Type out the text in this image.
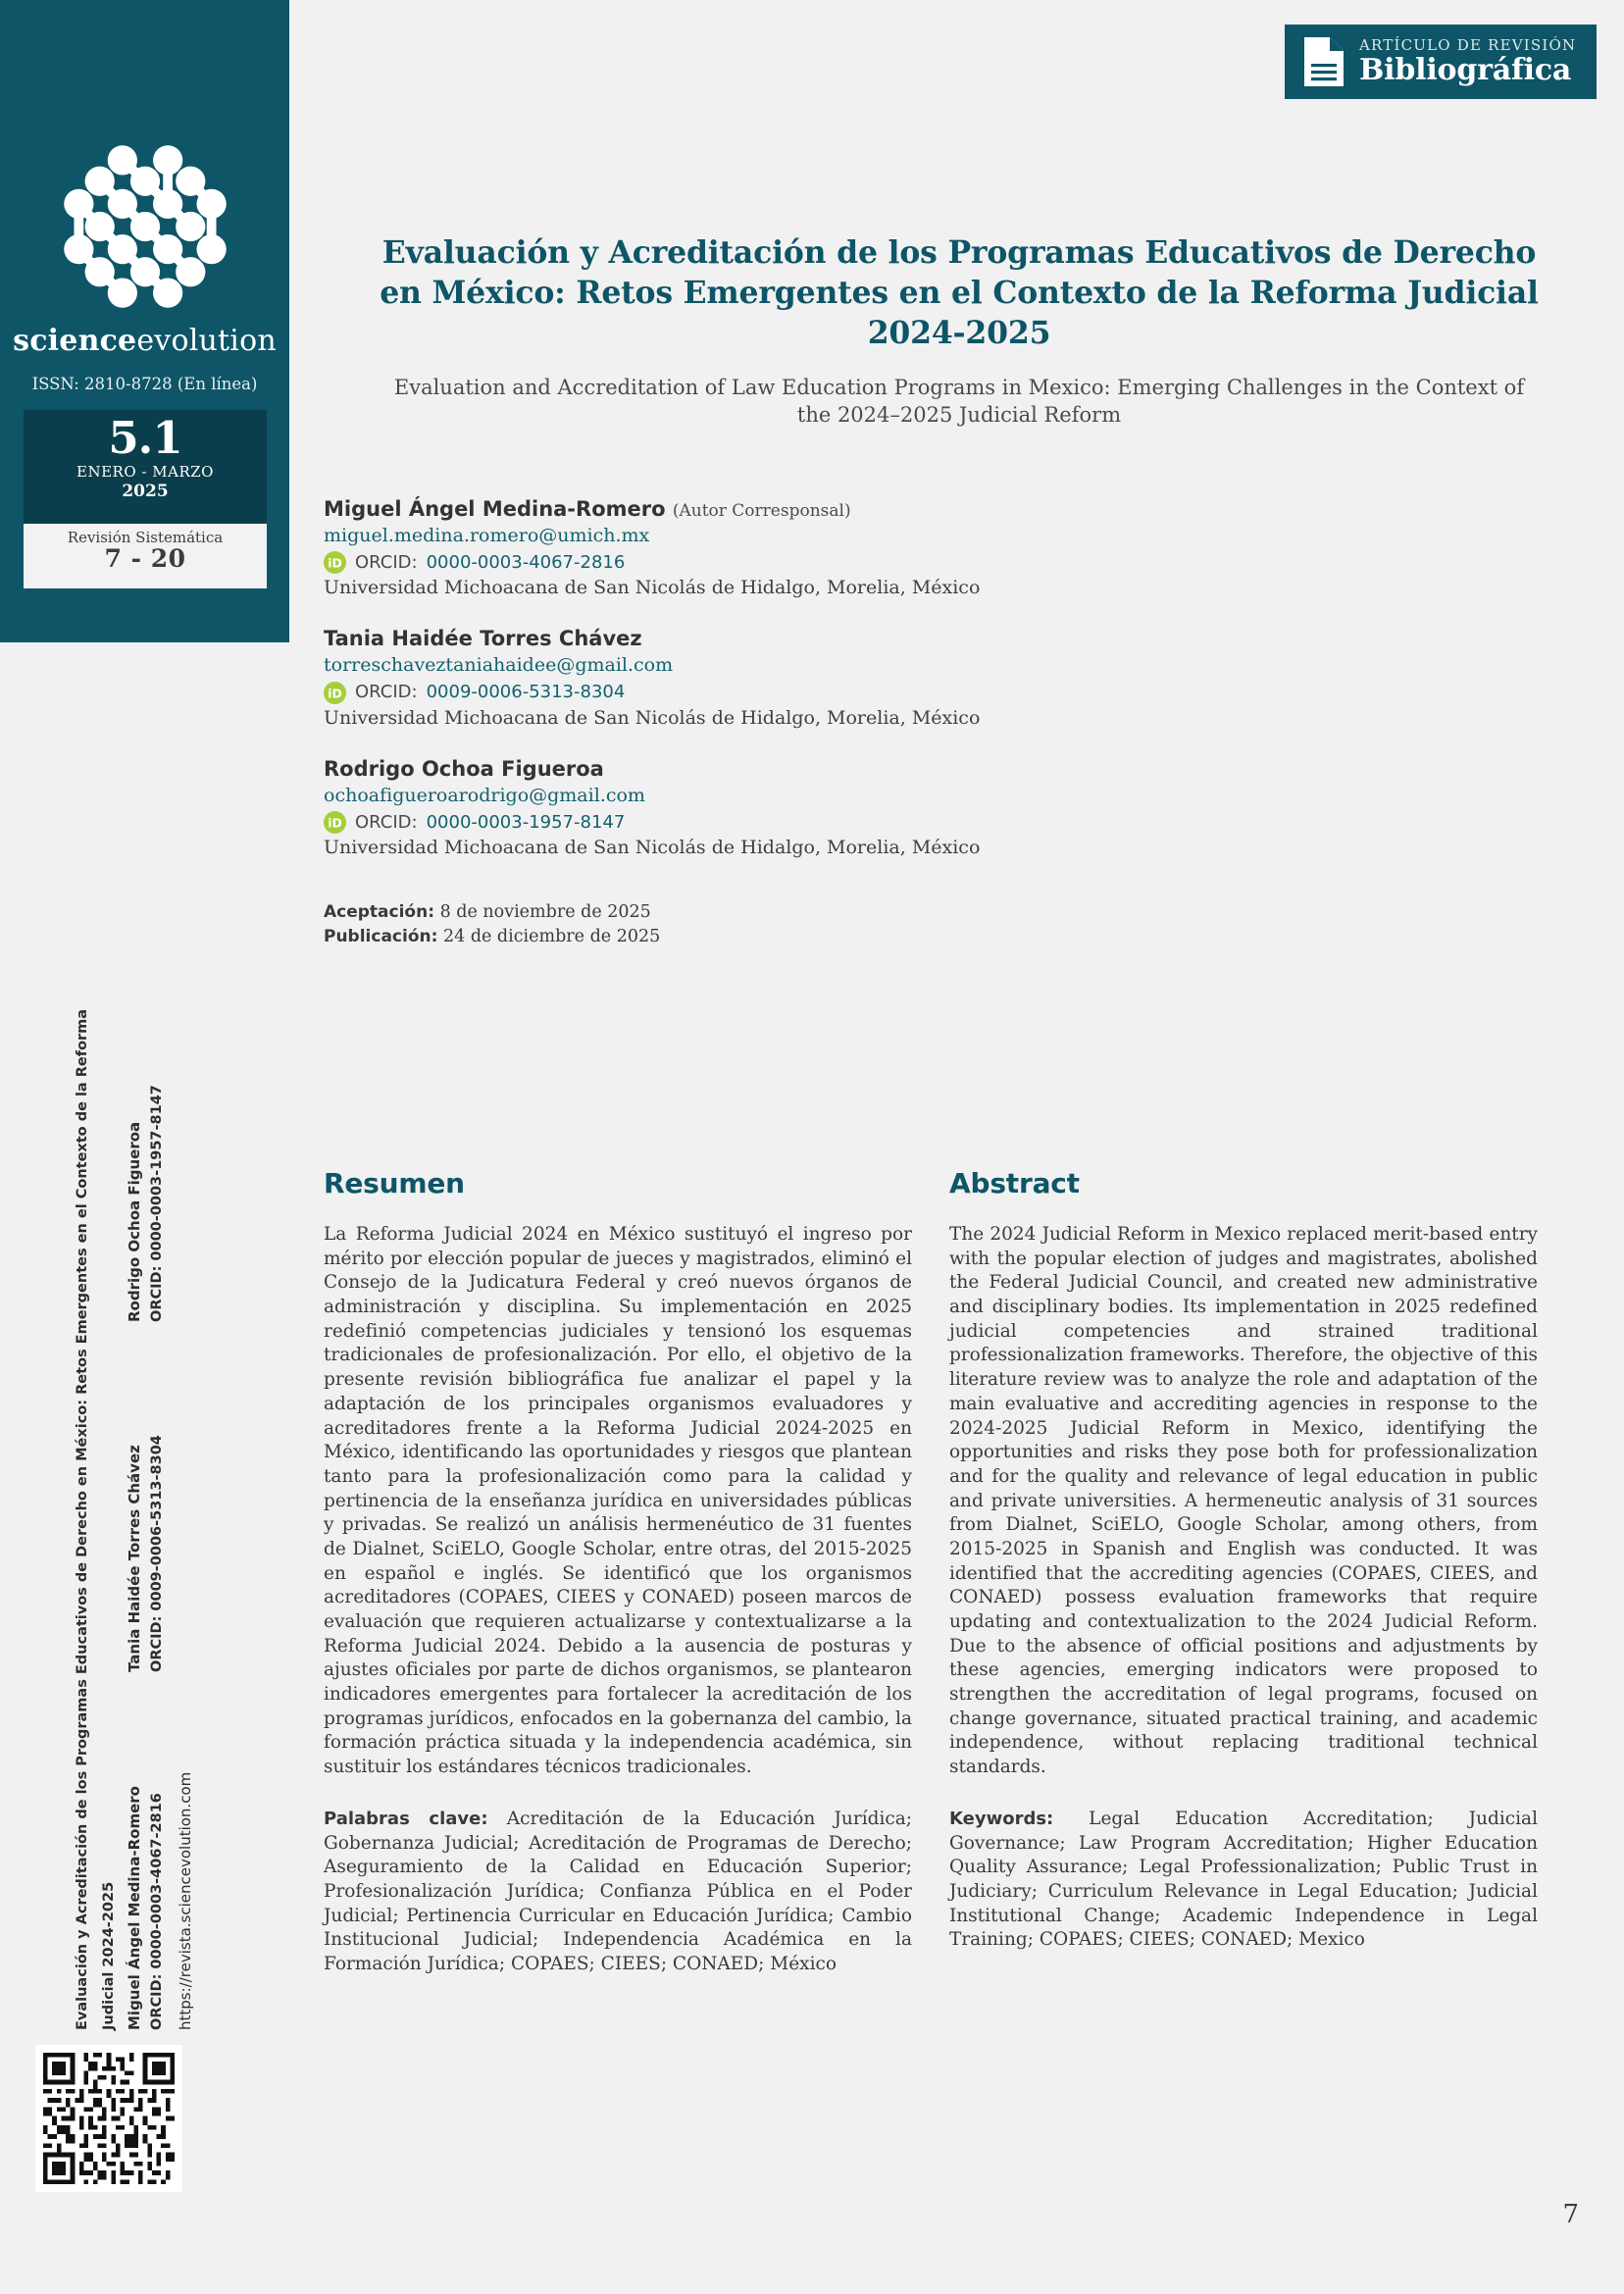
scienceevolution
ISSN: 2810-8728 (En línea)
5.1
ENERO - MARZO
2025
Revisión Sistemática
7 - 20
Evaluación y Acreditación de los Programas Educativos de Derecho en México: Retos Emergentes en el Contexto de la Reforma Judicial 2024-2025 Miguel Ángel Medina-Romero ORCID: 0000-0003-4067-2816
Tania Haidée Torres Chávez ORCID: 0009-0006-5313-8304
Rodrigo Ochoa Figueroa ORCID: 0000-0003-1957-8147
https://revista.sciencevolution.com
ARTÍCULO DE REVISIÓN
Bibliográfica
Evaluación y Acreditación de los Programas Educativos de Derecho en México: Retos Emergentes en el Contexto de la Reforma Judicial 2024-2025
Evaluation and Accreditation of Law Education Programs in Mexico: Emerging Challenges in the Context of the 2024–2025 Judicial Reform
Miguel Ángel Medina-Romero (Autor Corresponsal)
miguel.medina.romero@umich.mx
iD ORCID: 0000-0003-4067-2816
Universidad Michoacana de San Nicolás de Hidalgo, Morelia, México
Tania Haidée Torres Chávez
torreschaveztaniahaidee@gmail.com
iD ORCID: 0009-0006-5313-8304
Universidad Michoacana de San Nicolás de Hidalgo, Morelia, México
Rodrigo Ochoa Figueroa
ochoafigueroarodrigo@gmail.com
iD ORCID: 0000-0003-1957-8147
Universidad Michoacana de San Nicolás de Hidalgo, Morelia, México
Aceptación: 8 de noviembre de 2025
Publicación: 24 de diciembre de 2025
Resumen
La Reforma Judicial 2024 en México sustituyó el ingreso por mérito por elección popular de jueces y magistrados, eliminó el Consejo de la Judicatura Federal y creó nuevos órganos de administración y disciplina. Su implementación en 2025 redefinió competencias judiciales y tensionó los esquemas tradicionales de profesionalización. Por ello, el objetivo de la presente revisión bibliográfica fue analizar el papel y la adaptación de los principales organismos evaluadores y acreditadores frente a la Reforma Judicial 2024-2025 en México, identificando las oportunidades y riesgos que plantean tanto para la profesionalización como para la calidad y pertinencia de la enseñanza jurídica en universidades públicas y privadas. Se realizó un análisis hermenéutico de 31 fuentes de Dialnet, SciELO, Google Scholar, entre otras, del 2015-2025 en español e inglés. Se identificó que los organismos acreditadores (COPAES, CIEES y CONAED) poseen marcos de evaluación que requieren actualizarse y contextualizarse a la Reforma Judicial 2024. Debido a la ausencia de posturas y ajustes oficiales por parte de dichos organismos, se plantearon indicadores emergentes para fortalecer la acreditación de los programas jurídicos, enfocados en la gobernanza del cambio, la formación práctica situada y la independencia académica, sin sustituir los estándares técnicos tradicionales.
Palabras clave: Acreditación de la Educación Jurídica; Gobernanza Judicial; Acreditación de Programas de Derecho; Aseguramiento de la Calidad en Educación Superior; Profesionalización Jurídica; Confianza Pública en el Poder Judicial; Pertinencia Curricular en Educación Jurídica; Cambio Institucional Judicial; Independencia Académica en la Formación Jurídica; COPAES; CIEES; CONAED; México
Abstract
The 2024 Judicial Reform in Mexico replaced merit-based entry with the popular election of judges and magistrates, abolished the Federal Judicial Council, and created new administrative and disciplinary bodies. Its implementation in 2025 redefined judicial competencies and strained traditional professionalization frameworks. Therefore, the objective of this literature review was to analyze the role and adaptation of the main evaluative and accrediting agencies in response to the 2024-2025 Judicial Reform in Mexico, identifying the opportunities and risks they pose both for professionalization and for the quality and relevance of legal education in public and private universities. A hermeneutic analysis of 31 sources from Dialnet, SciELO, Google Scholar, among others, from 2015-2025 in Spanish and English was conducted. It was identified that the accrediting agencies (COPAES, CIEES, and CONAED) possess evaluation frameworks that require updating and contextualization to the 2024 Judicial Reform. Due to the absence of official positions and adjustments by these agencies, emerging indicators were proposed to strengthen the accreditation of legal programs, focused on change governance, situated practical training, and academic independence, without replacing traditional technical standards.
Keywords: Legal Education Accreditation; Judicial Governance; Law Program Accreditation; Higher Education Quality Assurance; Legal Professionalization; Public Trust in Judiciary; Curriculum Relevance in Legal Education; Judicial Institutional Change; Academic Independence in Legal Training; COPAES; CIEES; CONAED; Mexico
7
